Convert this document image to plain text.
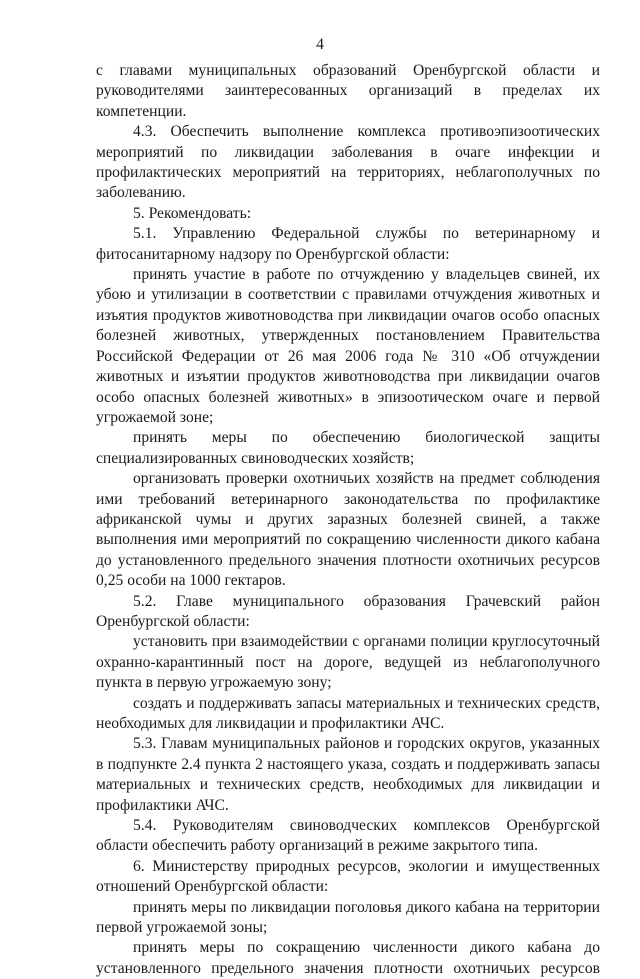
4

с главами муниципальных образований Оренбургской области и руководителями заинтересованных организаций в пределах их компетенции.

4.3. Обеспечить выполнение комплекса противоэпизоотических мероприятий по ликвидации заболевания в очаге инфекции и профилактических мероприятий на территориях, неблагополучных по заболеванию.

5. Рекомендовать:

5.1. Управлению Федеральной службы по ветеринарному и фитосанитарному надзору по Оренбургской области:

принять участие в работе по отчуждению у владельцев свиней, их убою и утилизации в соответствии с правилами отчуждения животных и изъятия продуктов животноводства при ликвидации очагов особо опасных болезней животных, утвержденных постановлением Правительства Российской Федерации от 26 мая 2006 года № 310 «Об отчуждении животных и изъятии продуктов животноводства при ликвидации очагов особо опасных болезней животных» в эпизоотическом очаге и первой угрожаемой зоне;

принять меры по обеспечению биологической защиты специализированных свиноводческих хозяйств;

организовать проверки охотничьих хозяйств на предмет соблюдения ими требований ветеринарного законодательства по профилактике африканской чумы и других заразных болезней свиней, а также выполнения ими мероприятий по сокращению численности дикого кабана до установленного предельного значения плотности охотничьих ресурсов 0,25 особи на 1000 гектаров.

5.2. Главе муниципального образования Грачевский район Оренбургской области:

установить при взаимодействии с органами полиции круглосуточный охранно-карантинный пост на дороге, ведущей из неблагополучного пункта в первую угрожаемую зону;

создать и поддерживать запасы материальных и технических средств, необходимых для ликвидации и профилактики АЧС.

5.3. Главам муниципальных районов и городских округов, указанных в подпункте 2.4 пункта 2 настоящего указа, создать и поддерживать запасы материальных и технических средств, необходимых для ликвидации и профилактики АЧС.

5.4. Руководителям свиноводческих комплексов Оренбургской области обеспечить работу организаций в режиме закрытого типа.

6. Министерству природных ресурсов, экологии и имущественных отношений Оренбургской области:

принять меры по ликвидации поголовья дикого кабана на территории первой угрожаемой зоны;

принять меры по сокращению численности дикого кабана до установленного предельного значения плотности охотничьих ресурсов
